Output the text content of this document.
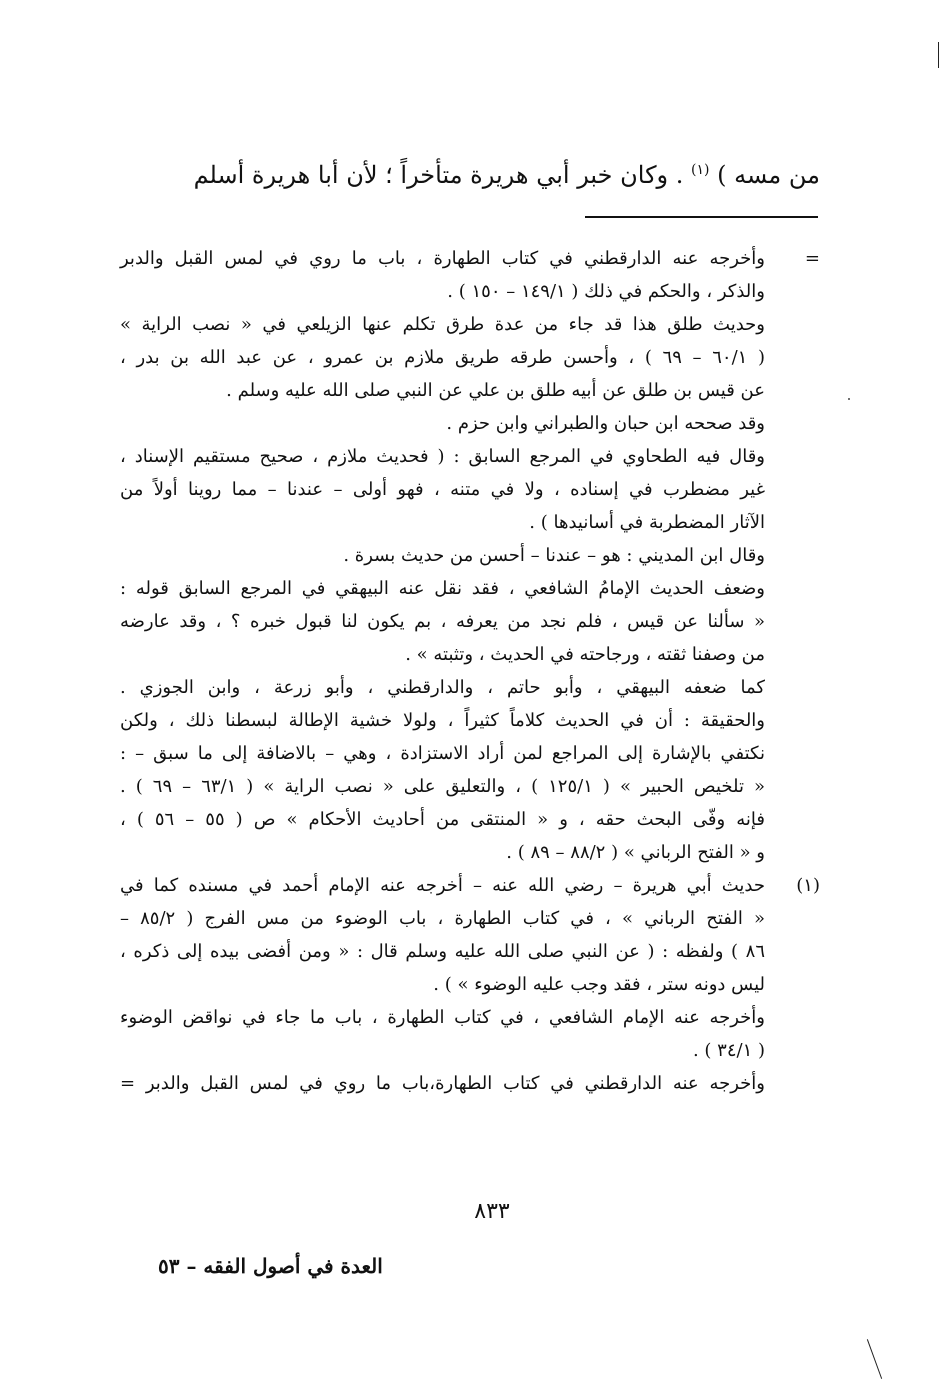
من مسه ) $^{(١)}$ . وكان خبر أبي هريرة متأخراً ؛ لأن أبا هريرة أسلم
=
وأخرجه عنه الدارقطني في كتاب الطهارة ، باب ما روي في لمس القبل والدبر
والذكر ، والحكم في ذلك ( ١٤٩/١ – ١٥٠ ) .
وحديث طلق هذا قد جاء من عدة طرق تكلم عنها الزيلعي في « نصب الراية »
( ٦٠/١ – ٦٩ ) ، وأحسن طرقه طريق ملازم بن عمرو ، عن عبد الله بن بدر ،
عن قيس بن طلق عن أبيه طلق بن علي عن النبي صلى الله عليه وسلم .
وقد صححه ابن حبان والطبراني وابن حزم .
وقال فيه الطحاوي في المرجع السابق : ( فحديث ملازم ، صحيح مستقيم الإسناد ،
غير مضطرب في إسناده ، ولا في متنه ، فهو أولى – عندنا – مما روينا أولاً من
الآثار المضطربة في أسانيدها ) .
وقال ابن المديني : هو – عندنا – أحسن من حديث بسرة .
وضعف الحديث الإمامُ الشافعي ، فقد نقل عنه البيهقي في المرجع السابق قوله :
« سألنا عن قيس ، فلم نجد من يعرفه ، بم يكون لنا قبول خبره ؟ ، وقد عارضه
من وصفنا ثقته ، ورجاحته في الحديث ، وتثبته » .
كما ضعفه البيهقي ، وأبو حاتم ، والدارقطني ، وأبو زرعة ، وابن الجوزي .
والحقيقة : أن في الحديث كلاماً كثيراً ، ولولا خشية الإطالة لبسطنا ذلك ، ولكن
نكتفي بالإشارة إلى المراجع لمن أراد الاستزادة ، وهي – بالاضافة إلى ما سبق – :
« تلخيص الحبير » ( ١٢٥/١ ) ، والتعليق على « نصب الراية » ( ٦٣/١ – ٦٩ ) .
فإنه وفّى البحث حقه ، و « المنتقى من أحاديث الأحكام » ص ( ٥٥ – ٥٦ ) ،
و « الفتح الرباني » ( ٨٨/٢ – ٨٩ ) .
(١)
حديث أبي هريرة – رضي الله عنه – أخرجه عنه الإمام أحمد في مسنده كما في
« الفتح الرباني » ، في كتاب الطهارة ، باب الوضوء من مس الفرج ( ٨٥/٢ –
٨٦ ) ولفظه : ( عن النبي صلى الله عليه وسلم قال : « ومن أفضى بيده إلى ذكره ،
ليس دونه ستر ، فقد وجب عليه الوضوء » ) .
وأخرجه عنه الإمام الشافعي ، في كتاب الطهارة ، باب ما جاء في نواقض الوضوء
( ٣٤/١ ) .
وأخرجه عنه الدارقطني في كتاب الطهارة،باب ما روي في لمس القبل والدبر =
٨٣٣
العدة في أصول الفقه – ٥٣
